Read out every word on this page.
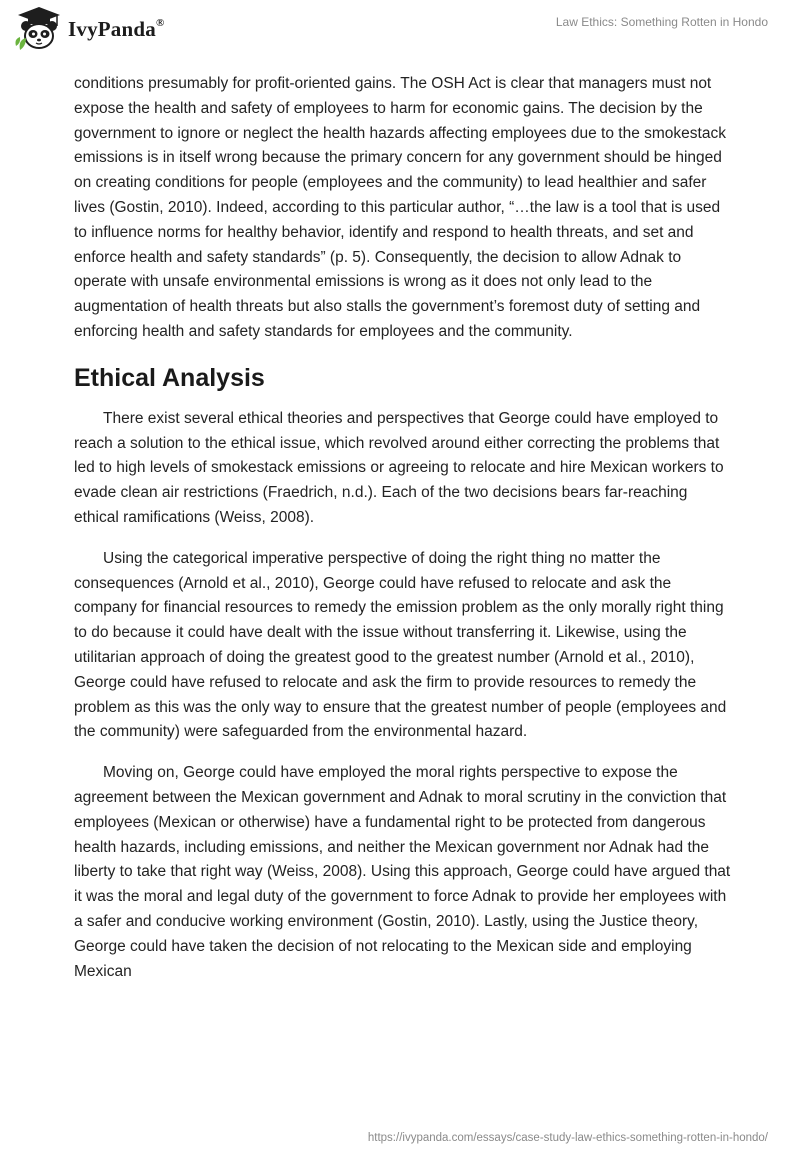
IvyPanda®	Law Ethics: Something Rotten in Hondo

conditions presumably for profit-oriented gains. The OSH Act is clear that managers must not expose the health and safety of employees to harm for economic gains. The decision by the government to ignore or neglect the health hazards affecting employees due to the smokestack emissions is in itself wrong because the primary concern for any government should be hinged on creating conditions for people (employees and the community) to lead healthier and safer lives (Gostin, 2010). Indeed, according to this particular author, “…the law is a tool that is used to influence norms for healthy behavior, identify and respond to health threats, and set and enforce health and safety standards” (p. 5). Consequently, the decision to allow Adnak to operate with unsafe environmental emissions is wrong as it does not only lead to the augmentation of health threats but also stalls the government’s foremost duty of setting and enforcing health and safety standards for employees and the community.

Ethical Analysis

There exist several ethical theories and perspectives that George could have employed to reach a solution to the ethical issue, which revolved around either correcting the problems that led to high levels of smokestack emissions or agreeing to relocate and hire Mexican workers to evade clean air restrictions (Fraedrich, n.d.). Each of the two decisions bears far-reaching ethical ramifications (Weiss, 2008).

Using the categorical imperative perspective of doing the right thing no matter the consequences (Arnold et al., 2010), George could have refused to relocate and ask the company for financial resources to remedy the emission problem as the only morally right thing to do because it could have dealt with the issue without transferring it. Likewise, using the utilitarian approach of doing the greatest good to the greatest number (Arnold et al., 2010), George could have refused to relocate and ask the firm to provide resources to remedy the problem as this was the only way to ensure that the greatest number of people (employees and the community) were safeguarded from the environmental hazard.

Moving on, George could have employed the moral rights perspective to expose the agreement between the Mexican government and Adnak to moral scrutiny in the conviction that employees (Mexican or otherwise) have a fundamental right to be protected from dangerous health hazards, including emissions, and neither the Mexican government nor Adnak had the liberty to take that right way (Weiss, 2008). Using this approach, George could have argued that it was the moral and legal duty of the government to force Adnak to provide her employees with a safer and conducive working environment (Gostin, 2010). Lastly, using the Justice theory, George could have taken the decision of not relocating to the Mexican side and employing Mexican

https://ivypanda.com/essays/case-study-law-ethics-something-rotten-in-hondo/
